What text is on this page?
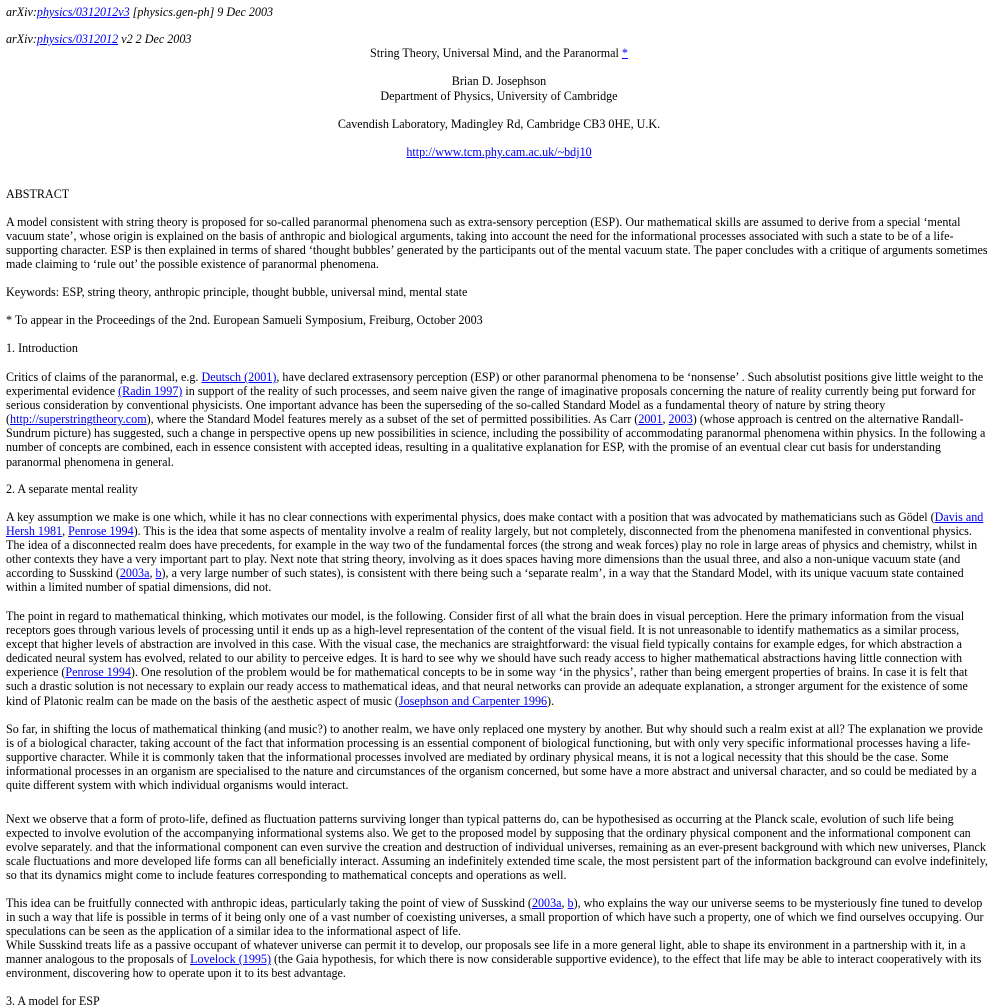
arXiv:physics/0312012v3 [physics.gen-ph] 9 Dec 2003
arXiv:physics/0312012 v2 2 Dec 2003
String Theory, Universal Mind, and the Paranormal *
Brian D. Josephson
Department of Physics, University of Cambridge
Cavendish Laboratory, Madingley Rd, Cambridge CB3 0HE, U.K.
http://www.tcm.phy.cam.ac.uk/~bdj10
ABSTRACT

A model consistent with string theory is proposed for so-called paranormal phenomena such as extra-sensory perception (ESP). Our mathematical skills are assumed to derive from a special ‘mental vacuum state’, whose origin is explained on the basis of anthropic and biological arguments, taking into account the need for the informational processes associated with such a state to be of a life-supporting character. ESP is then explained in terms of shared ‘thought bubbles’ generated by the participants out of the mental vacuum state. The paper concludes with a critique of arguments sometimes made claiming to ‘rule out’ the possible existence of paranormal phenomena.

Keywords: ESP, string theory, anthropic principle, thought bubble, universal mind, mental state
* To appear in the Proceedings of the 2nd. European Samueli Symposium, Freiburg, October 2003
1. Introduction

Critics of claims of the paranormal, e.g. Deutsch (2001), have declared extrasensory perception (ESP) or other paranormal phenomena to be ‘nonsense’ . Such absolutist positions give little weight to the experimental evidence (Radin 1997) in support of the reality of such processes, and seem naive given the range of imaginative proposals concerning the nature of reality currently being put forward for serious consideration by conventional physicists. One important advance has been the superseding of the so-called Standard Model as a fundamental theory of nature by string theory (http://superstringtheory.com), where the Standard Model features merely as a subset of the set of permitted possibilities. As Carr (2001, 2003) (whose approach is centred on the alternative Randall-Sundrum picture) has suggested, such a change in perspective opens up new possibilities in science, including the possibility of accommodating paranormal phenomena within physics. In the following a number of concepts are combined, each in essence consistent with accepted ideas, resulting in a qualitative explanation for ESP, with the promise of an eventual clear cut basis for understanding paranormal phenomena in general.

2. A separate mental reality

A key assumption we make is one which, while it has no clear connections with experimental physics, does make contact with a position that was advocated by mathematicians such as Gödel (Davis and Hersh 1981, Penrose 1994). This is the idea that some aspects of mentality involve a realm of reality largely, but not completely, disconnected from the phenomena manifested in conventional physics. The idea of a disconnected realm does have precedents, for example in the way two of the fundamental forces (the strong and weak forces) play no role in large areas of physics and chemistry, whilst in other contexts they have a very important part to play. Next note that string theory, involving as it does spaces having more dimensions than the usual three, and also a non-unique vacuum state (and according to Susskind (2003a, b), a very large number of such states), is consistent with there being such a ‘separate realm’, in a way that the Standard Model, with its unique vacuum state contained within a limited number of spatial dimensions, did not.

The point in regard to mathematical thinking, which motivates our model, is the following. Consider first of all what the brain does in visual perception. Here the primary information from the visual receptors goes through various levels of processing until it ends up as a high-level representation of the content of the visual field. It is not unreasonable to identify mathematics as a similar process, except that higher levels of abstraction are involved in this case. With the visual case, the mechanics are straightforward: the visual field typically contains for example edges, for which abstraction a dedicated neural system has evolved, related to our ability to perceive edges. It is hard to see why we should have such ready access to higher mathematical abstractions having little connection with experience (Penrose 1994). One resolution of the problem would be for mathematical concepts to be in some way ‘in the physics’, rather than being emergent properties of brains. In case it is felt that such a drastic solution is not necessary to explain our ready access to mathematical ideas, and that neural networks can provide an adequate explanation, a stronger argument for the existence of some kind of Platonic realm can be made on the basis of the aesthetic aspect of music (Josephson and Carpenter 1996).

So far, in shifting the locus of mathematical thinking (and music?) to another realm, we have only replaced one mystery by another. But why should such a realm exist at all? The explanation we provide is of a biological character, taking account of the fact that information processing is an essential component of biological functioning, but with only very specific informational processes having a life-supportive character. While it is commonly taken that the informational processes involved are mediated by ordinary physical means, it is not a logical necessity that this should be the case. Some informational processes in an organism are specialised to the nature and circumstances of the organism concerned, but some have a more abstract and universal character, and so could be mediated by a quite different system with which individual organisms would interact.

Next we observe that a form of proto-life, defined as fluctuation patterns surviving longer than typical patterns do, can be hypothesised as occurring at the Planck scale, evolution of such life being expected to involve evolution of the accompanying informational systems also. We get to the proposed model by supposing that the ordinary physical component and the informational component can evolve separately. and that the informational component can even survive the creation and destruction of individual universes, remaining as an ever-present background with which new universes, Planck scale fluctuations and more developed life forms can all beneficially interact. Assuming an indefinitely extended time scale, the most persistent part of the information background can evolve indefinitely, so that its dynamics might come to include features corresponding to mathematical concepts and operations as well.

This idea can be fruitfully connected with anthropic ideas, particularly taking the point of view of Susskind (2003a, b), who explains the way our universe seems to be mysteriously fine tuned to develop in such a way that life is possible in terms of it being only one of a vast number of coexisting universes, a small proportion of which have such a property, one of which we find ourselves occupying. Our speculations can be seen as the application of a similar idea to the informational aspect of life.

While Susskind treats life as a passive occupant of whatever universe can permit it to develop, our proposals see life in a more general light, able to shape its environment in a partnership with it, in a manner analogous to the proposals of Lovelock (1995) (the Gaia hypothesis, for which there is now considerable supportive evidence), to the effect that life may be able to interact cooperatively with its environment, discovering how to operate upon it to its best advantage.

3. A model for ESP
